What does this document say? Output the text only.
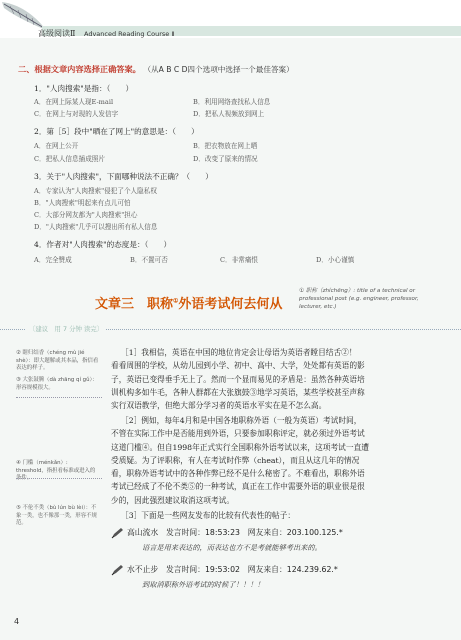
高级阅读Ⅱ Advanced Reading Course Ⅱ
二、根据文章内容选择正确答案。 （从A B C D四个选项中选择一个最佳答案）
1．"人肉搜索"是指：（　　）
A．在网上际某人现E-mail	B．利用网络查找私人信息
C．在网上与对现的人发信字	D．把私人视频放到网上
2．第［5］段中"晒在了网上"的意思是：（　　）
A．在网上公开	B．把衣物放在网上晒
C．把私人信息插成照片	D．改变了原来的情况
3．关于"人肉搜索"，下面哪种说法不正确？（　　）
A．专家认为"人肉搜索"侵犯了个人隐私权
B．"人肉搜索"明起来有点儿可怕
C．大部分网友都为"人肉搜索"担心
D．"人肉搜索"几乎可以搜出所有私人信息
4．作者对"人肉搜索"的态度是：（　　）
A．完全赞成	B．不置可否	C．非常痛恨	D．小心谨慎
文章三　职称①外语考试何去何从
① 职称（zhíchēng）: title of a technical or professional post (e.g. engineer, professor, lecturer, etc.)
〔建议　用 7 分钟 读完〕
② 瞎归结香（chéng mù jié shè）：即大题解或其本品，指信看表达的样子。
③ 大张鼓腾（dà zhāng qí gǔ）：形容规模很大。
④ 门槛（ménkǎn）: threshold，指担看标准或进入的条件。
⑤ 不伦不类（bù lún bù lèi）：不象一类，也不像那一类，形容不规范。
［1］我相信，英语在中国的地位肯定会让母语为英语者瞠目结舌②！
看看周围的学校，从幼儿园到小学、初中、高中、大学，处处都有英语的影
子，英语已变得垂手无上了。然而一个显而易见的矛盾是：虽然各种英语培
训机构多如牛毛，各种人群都在大张旗鼓③地学习英语，某些学校甚至声称
实行双语教学，但绝大部分学习者的英语水平实在是不怎么高。
［2］例如，每年4月和是中国各地职称外语（一般为英语）考试时间，
不管在实际工作中是否能用到外语，只要参加职称评定，就必须过外语考试
这道门槛④。但自1998年正式实行全国职称外语考试以来，这项考试一直遭
受质疑。为了评职称，有人在考试时作弊（cheat），而且从这几年的情况
看，职称外语考试中的各种作弊已经不是什么秘密了。不难看出，职称外语
考试已经成了不伦不类⑤的一种考试，真正在工作中需要外语的职业很是很
少的，因此强烈建议取消这项考试。
［3］下面是一些网友发布的比较有代表性的帖子：
高山流水　发言时间：18:53:23　网友来自：203.100.125.*
语言是用来表达的，而表达也方不是考就能够考出来的。
水不止步　发言时间：19:53:02　网友来自：124.239.62.*
到取消职称外语考试的时候了！！！！
4
